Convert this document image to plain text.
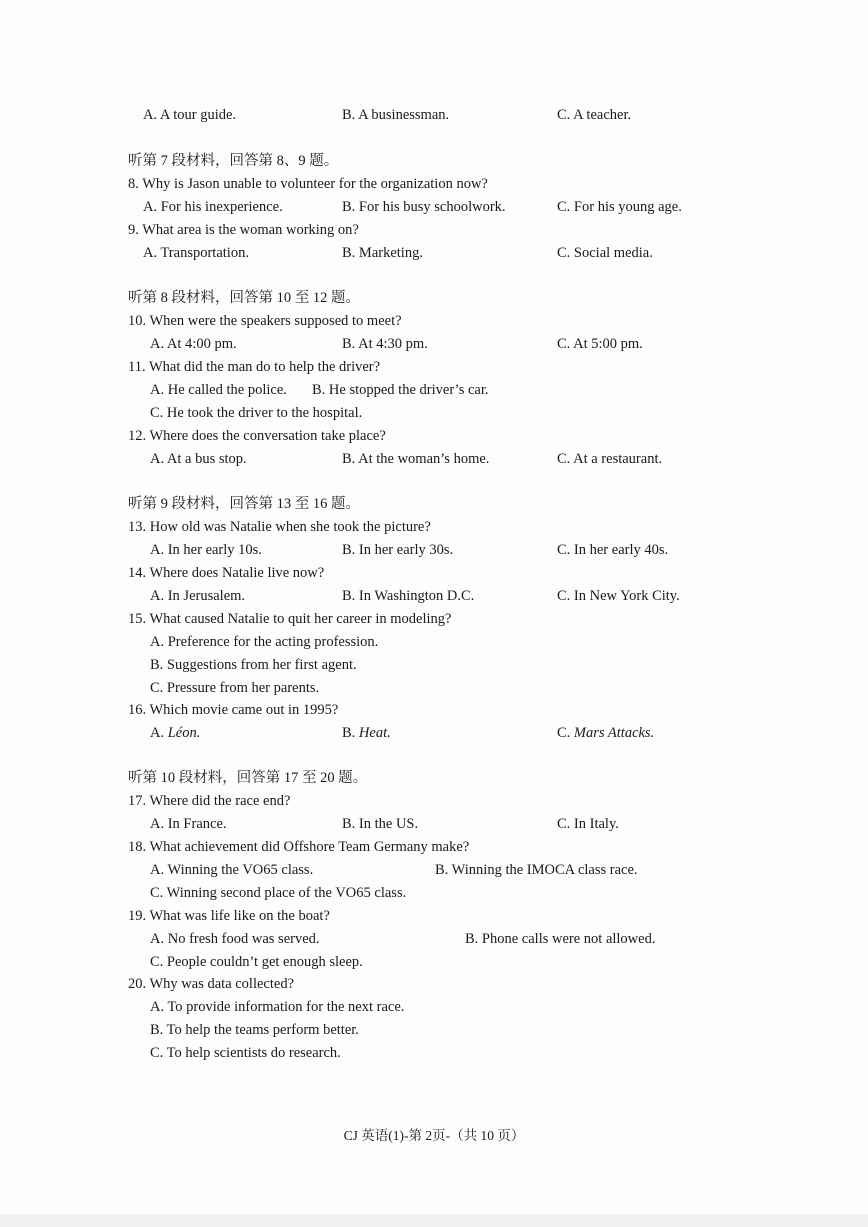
A. A tour guide.	B. A businessman.	C. A teacher.
听第 7 段材料，回答第 8、9 题。
8. Why is Jason unable to volunteer for the organization now?
A. For his inexperience.	B. For his busy schoolwork.	C. For his young age.
9. What area is the woman working on?
A. Transportation.	B. Marketing.	C. Social media.
听第 8 段材料，回答第 10 至 12 题。
10. When were the speakers supposed to meet?
A. At 4:00 pm.	B. At 4:30 pm.	C. At 5:00 pm.
11. What did the man do to help the driver?
A. He called the police. B. He stopped the driver’s car.
C. He took the driver to the hospital.
12. Where does the conversation take place?
A. At a bus stop.	B. At the woman’s home.	C. At a restaurant.
听第 9 段材料，回答第 13 至 16 题。
13. How old was Natalie when she took the picture?
A. In her early 10s.	B. In her early 30s.	C. In her early 40s.
14. Where does Natalie live now?
A. In Jerusalem.	B. In Washington D.C.	C. In New York City.
15. What caused Natalie to quit her career in modeling?
A. Preference for the acting profession.
B. Suggestions from her first agent.
C. Pressure from her parents.
16. Which movie came out in 1995?
A. Léon.	B. Heat.	C. Mars Attacks.
听第 10 段材料，回答第 17 至 20 题。
17. Where did the race end?
A. In France.	B. In the US.	C. In Italy.
18. What achievement did Offshore Team Germany make?
A. Winning the VO65 class.	B. Winning the IMOCA class race.
C. Winning second place of the VO65 class.
19. What was life like on the boat?
A. No fresh food was served.	B. Phone calls were not allowed.
C. People couldn’t get enough sleep.
20. Why was data collected?
A. To provide information for the next race.
B. To help the teams perform better.
C. To help scientists do research.
CJ 英语(1)-第 2页-（共 10 页）
